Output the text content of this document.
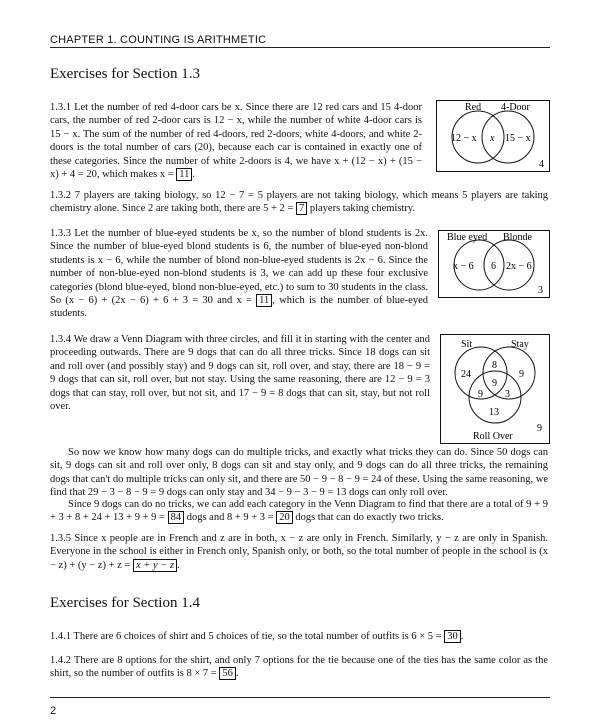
CHAPTER 1. COUNTING IS ARITHMETIC
Exercises for Section 1.3

1.3.1 Let the number of red 4-door cars be x. Since there are 12 red cars and 15 4-door cars, the number of red 2-door cars is 12 − x, while the number of white 4-door cars is 15 − x. The sum of the number of red 4-doors, red 2-doors, white 4-doors, and white 2-doors is the total number of cars (20), because each car is contained in exactly one of these categories. Since the number of white 2-doors is 4, we have x + (12 − x) + (15 − x) + 4 = 20, which makes x = 11 .

Red 4-Door
12 − x x 15 − x
4

1.3.2 7 players are taking biology, so 12 − 7 = 5 players are not taking biology, which means 5 players are taking chemistry alone. Since 2 are taking both, there are 5 + 2 = 7 players taking chemistry.

1.3.3 Let the number of blue-eyed students be x, so the number of blond students is 2x. Since the number of blue-eyed blond students is 6, the number of blue-eyed non-blond students is x − 6, while the number of blond non-blue-eyed students is 2x − 6. Since the number of non-blue-eyed non-blond students is 3, we can add up these four exclusive categories (blond blue-eyed, blond non-blue-eyed, etc.) to sum to 30 students in the class. So (x − 6) + (2x − 6) + 6 + 3 = 30 and x = 11 , which is the number of blue-eyed students.

Blue eyed Blonde
x − 6 6 2x − 6
3

1.3.4 We draw a Venn Diagram with three circles, and fill it in starting with the center and proceeding outwards. There are 9 dogs that can do all three tricks. Since 18 dogs can sit and roll over (and possibly stay) and 9 dogs can sit, roll over, and stay, there are 18 − 9 = 9 dogs that can sit, roll over, but not stay. Using the same reasoning, there are 12 − 9 = 3 dogs that can stay, roll over, but not sit, and 17 − 9 = 8 dogs that can sit, stay, but not roll over.

Sit	Stay
Roll Over
24	9
13
8
9 3
9
9

So now we know how many dogs can do multiple tricks, and exactly what tricks they can do. Since 50 dogs can sit, 9 dogs can sit and roll over only, 8 dogs can sit and stay only, and 9 dogs can do all three tricks, the remaining dogs that can't do multiple tricks can only sit, and there are 50 − 9 − 8 − 9 = 24 of these. Using the same reasoning, we find that 29 − 3 − 8 − 9 = 9 dogs can only stay and 34 − 9 − 3 − 9 = 13 dogs can only roll over.

Since 9 dogs can do no tricks, we can add each category in the Venn Diagram to find that there are a total of 9 + 9 + 3 + 8 + 24 + 13 + 9 + 9 = 84 dogs and 8 + 9 + 3 = 20 dogs that can do exactly two tricks.

1.3.5 Since x people are in French and z are in both, x − z are only in French. Similarly, y − z are only in Spanish. Everyone in the school is either in French only, Spanish only, or both, so the total number of people in the school is (x − z) + (y − z) + z = x + y − z .

Exercises for Section 1.4

1.4.1 There are 6 choices of shirt and 5 choices of tie, so the total number of outfits is 6 × 5 = 30 .

1.4.2 There are 8 options for the shirt, and only 7 options for the tie because one of the ties has the same color as the shirt, so the number of outfits is 8 × 7 = 56 .

2
